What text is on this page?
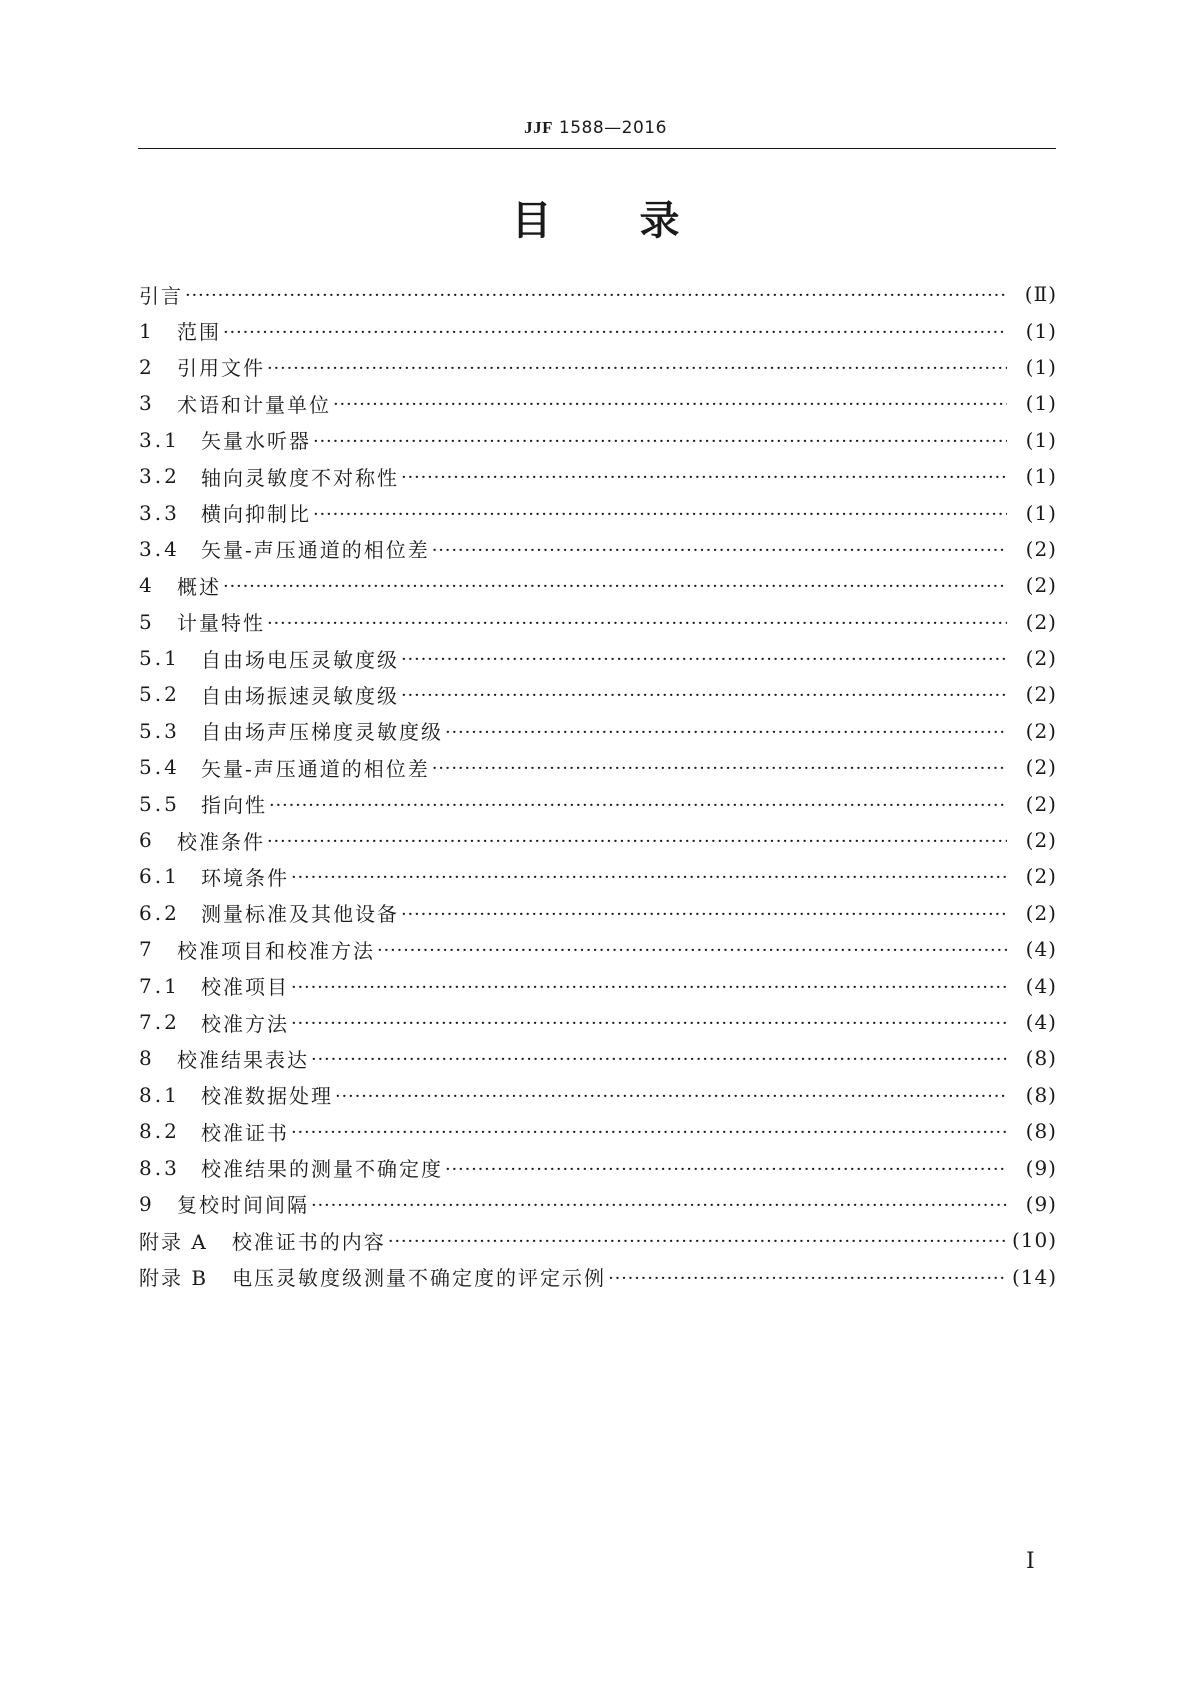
JJF 1588—2016
目 录
引言 ·····	(Ⅱ)
1	范围 ·····	(1)
2	引用文件 ·····	(1)
3	术语和计量单位 ·····	(1)
3.1	矢量水听器 ·····	(1)
3.2	轴向灵敏度不对称性 ·····	(1)
3.3	横向抑制比 ·····	(1)
3.4	矢量-声压通道的相位差 ·····	(2)
4	概述 ·····	(2)
5	计量特性 ·····	(2)
5.1	自由场电压灵敏度级 ·····	(2)
5.2	自由场振速灵敏度级 ·····	(2)
5.3	自由场声压梯度灵敏度级 ·····	(2)
5.4	矢量-声压通道的相位差 ·····	(2)
5.5	指向性 ·····	(2)
6	校准条件 ·····	(2)
6.1	环境条件 ·····	(2)
6.2	测量标准及其他设备 ·····	(2)
7	校准项目和校准方法 ·····	(4)
7.1	校准项目 ·····	(4)
7.2	校准方法 ·····	(4)
8	校准结果表达 ·····	(8)
8.1	校准数据处理 ·····	(8)
8.2	校准证书 ·····	(8)
8.3	校准结果的测量不确定度 ·····	(9)
9	复校时间间隔 ·····	(9)
附录 A 校准证书的内容 ·····	(10)
附录 B 电压灵敏度级测量不确定度的评定示例 ·····	(14)
Ⅰ
